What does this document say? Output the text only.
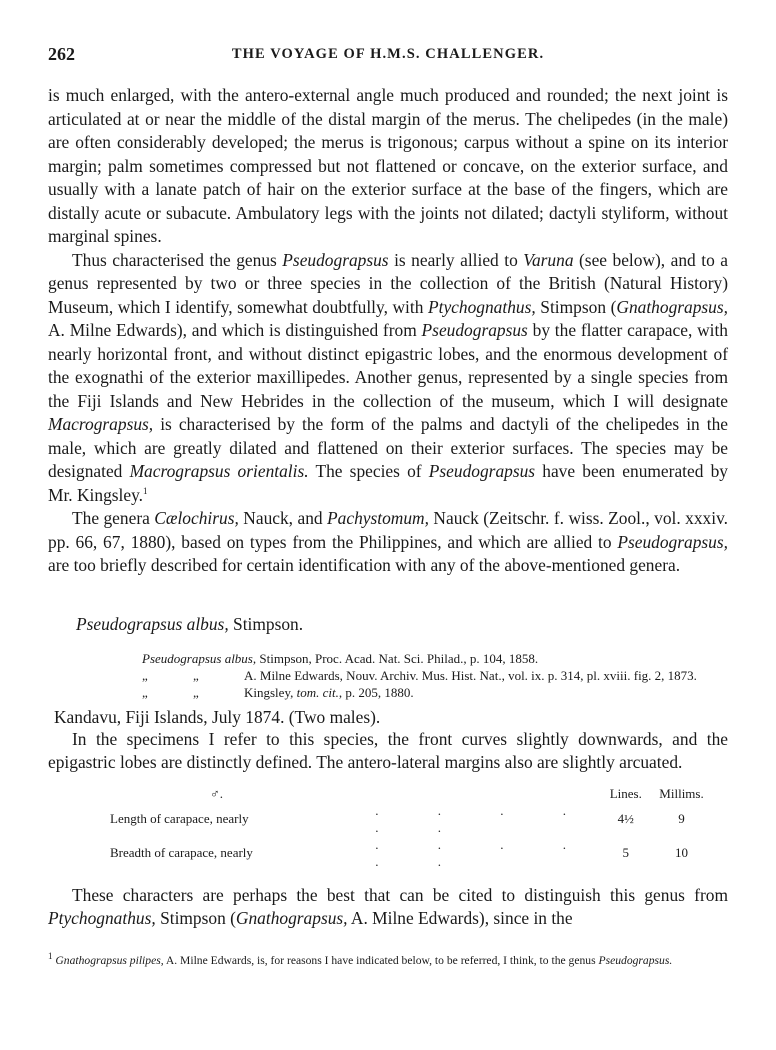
262	THE VOYAGE OF H.M.S. CHALLENGER.

is much enlarged, with the antero-external angle much produced and rounded; the next joint is articulated at or near the middle of the distal margin of the merus. The chelipedes (in the male) are often considerably developed; the merus is trigonous; carpus without a spine on its interior margin; palm sometimes compressed but not flattened or concave, on the exterior surface, and usually with a lanate patch of hair on the exterior surface at the base of the fingers, which are distally acute or subacute. Ambulatory legs with the joints not dilated; dactyli styliform, without marginal spines.

Thus characterised the genus Pseudograpsus is nearly allied to Varuna (see below), and to a genus represented by two or three species in the collection of the British (Natural History) Museum, which I identify, somewhat doubtfully, with Ptychognathus, Stimpson (Gnathograpsus, A. Milne Edwards), and which is distinguished from Pseudograpsus by the flatter carapace, with nearly horizontal front, and without distinct epigastric lobes, and the enormous development of the exognathi of the exterior maxillipedes. Another genus, represented by a single species from the Fiji Islands and New Hebrides in the collection of the museum, which I will designate Macrograpsus, is characterised by the form of the palms and dactyli of the chelipedes in the male, which are greatly dilated and flattened on their exterior surfaces. The species may be designated Macrograpsus orientalis. The species of Pseudograpsus have been enumerated by Mr. Kingsley.$^1$

The genera Cælochirus, Nauck, and Pachystomum, Nauck (Zeitschr. f. wiss. Zool., vol. xxxiv. pp. 66, 67, 1880), based on types from the Philippines, and which are allied to Pseudograpsus, are too briefly described for certain identification with any of the above-mentioned genera.

Pseudograpsus albus, Stimpson.
Pseudograpsus albus, Stimpson, Proc. Acad. Nat. Sci. Philad., p. 104, 1858.
„	„	A. Milne Edwards, Nouv. Archiv. Mus. Hist. Nat., vol. ix. p. 314, pl. xviii. fig. 2, 1873.
„	„	Kingsley, tom. cit., p. 205, 1880.
Kandavu, Fiji Islands, July 1874. (Two males).

In the specimens I refer to this species, the front curves slightly downwards, and the epigastric lobes are distinctly defined. The antero-lateral margins also are slightly arcuated.

♂.		Lines.	Millims.
Length of carapace, nearly	. . . . . .	4½	9
Breadth of carapace, nearly	. . . . . .	5	10

These characters are perhaps the best that can be cited to distinguish this genus from Ptychognathus, Stimpson (Gnathograpsus, A. Milne Edwards), since in the

$^1$ Gnathograpsus pilipes, A. Milne Edwards, is, for reasons I have indicated below, to be referred, I think, to the genus Pseudograpsus.
